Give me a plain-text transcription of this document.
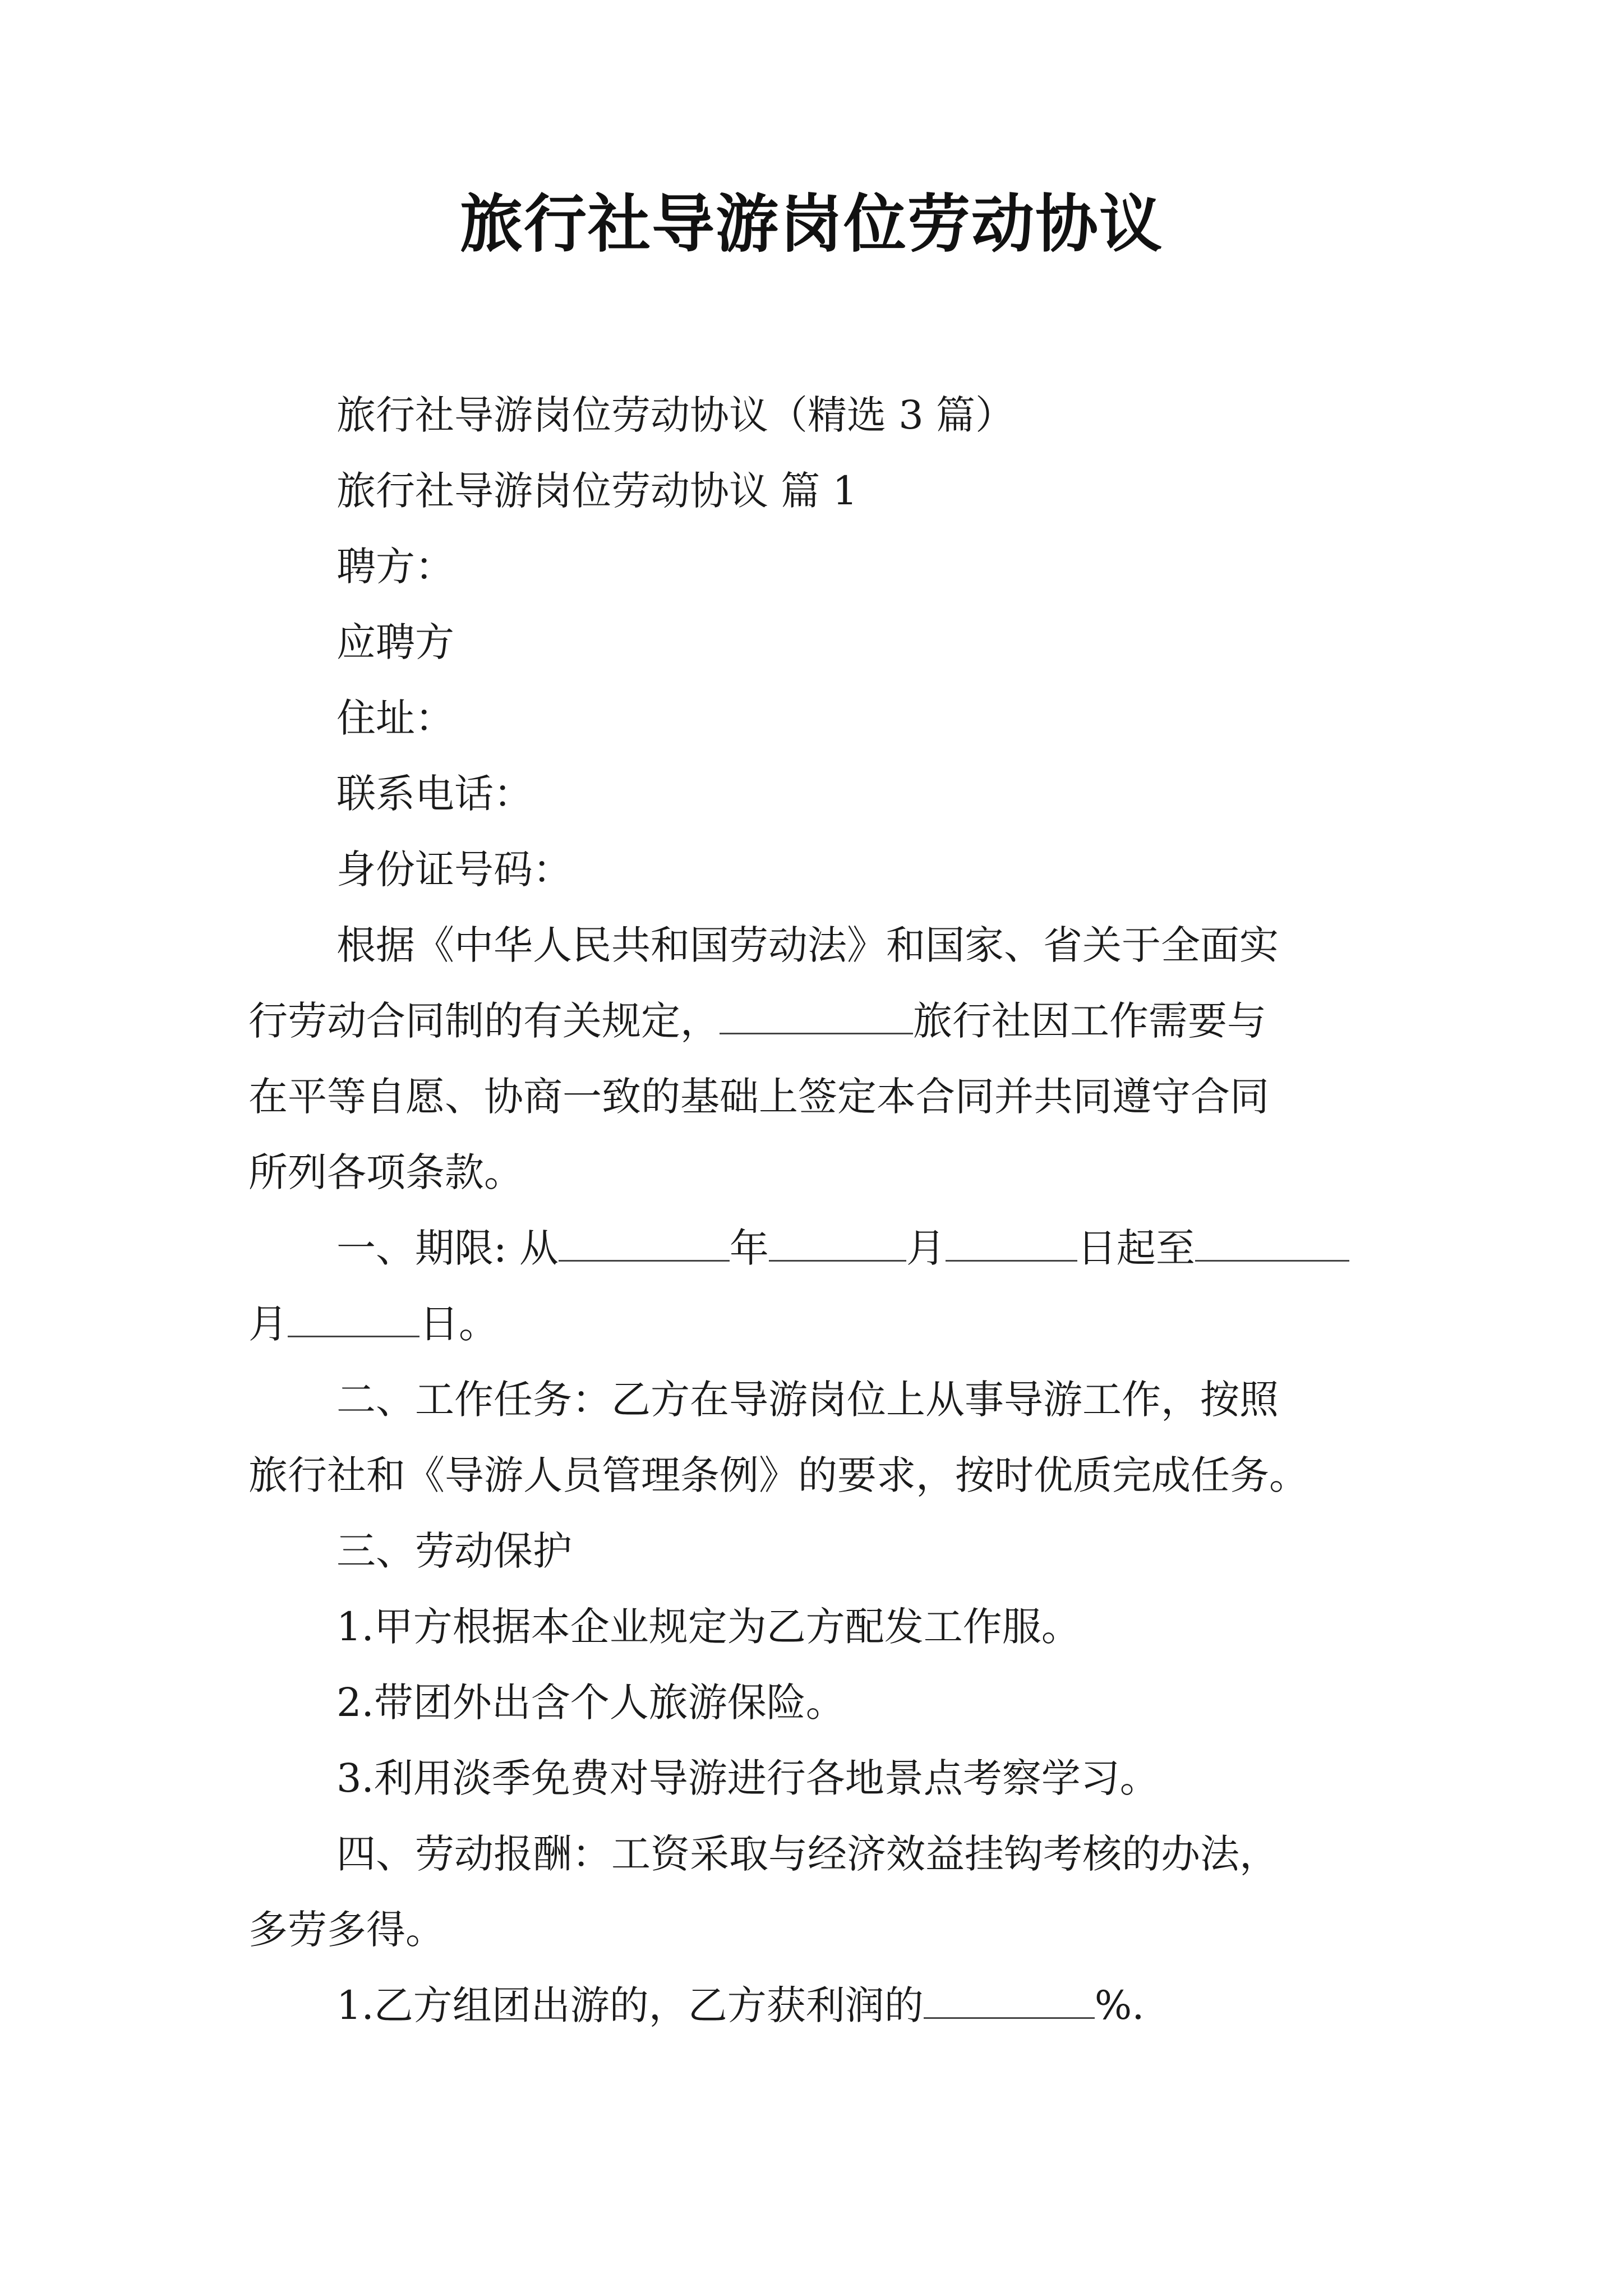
旅行社导游岗位劳动协议
旅行社导游岗位劳动协议（精选 3 篇）
旅行社导游岗位劳动协议 篇 1
聘方：
应聘方
住址：
联系电话：
身份证号码：
根据《中华人民共和国劳动法》和国家、省关于全面实
行劳动合同制的有关规定，	旅行社因工作需要与
在平等自愿、协商一致的基础上签定本合同并共同遵守合同
所列各项条款。
一、期限: 从	年	月	日起至
月	日。
二、工作任务：乙方在导游岗位上从事导游工作，按照
旅行社和《导游人员管理条例》的要求，按时优质完成任务。
三、劳动保护
1.甲方根据本企业规定为乙方配发工作服。
2.带团外出含个人旅游保险。
3.利用淡季免费对导游进行各地景点考察学习。
四、劳动报酬：工资采取与经济效益挂钩考核的办法，
多劳多得。
1.乙方组团出游的，乙方获利润的	%.
